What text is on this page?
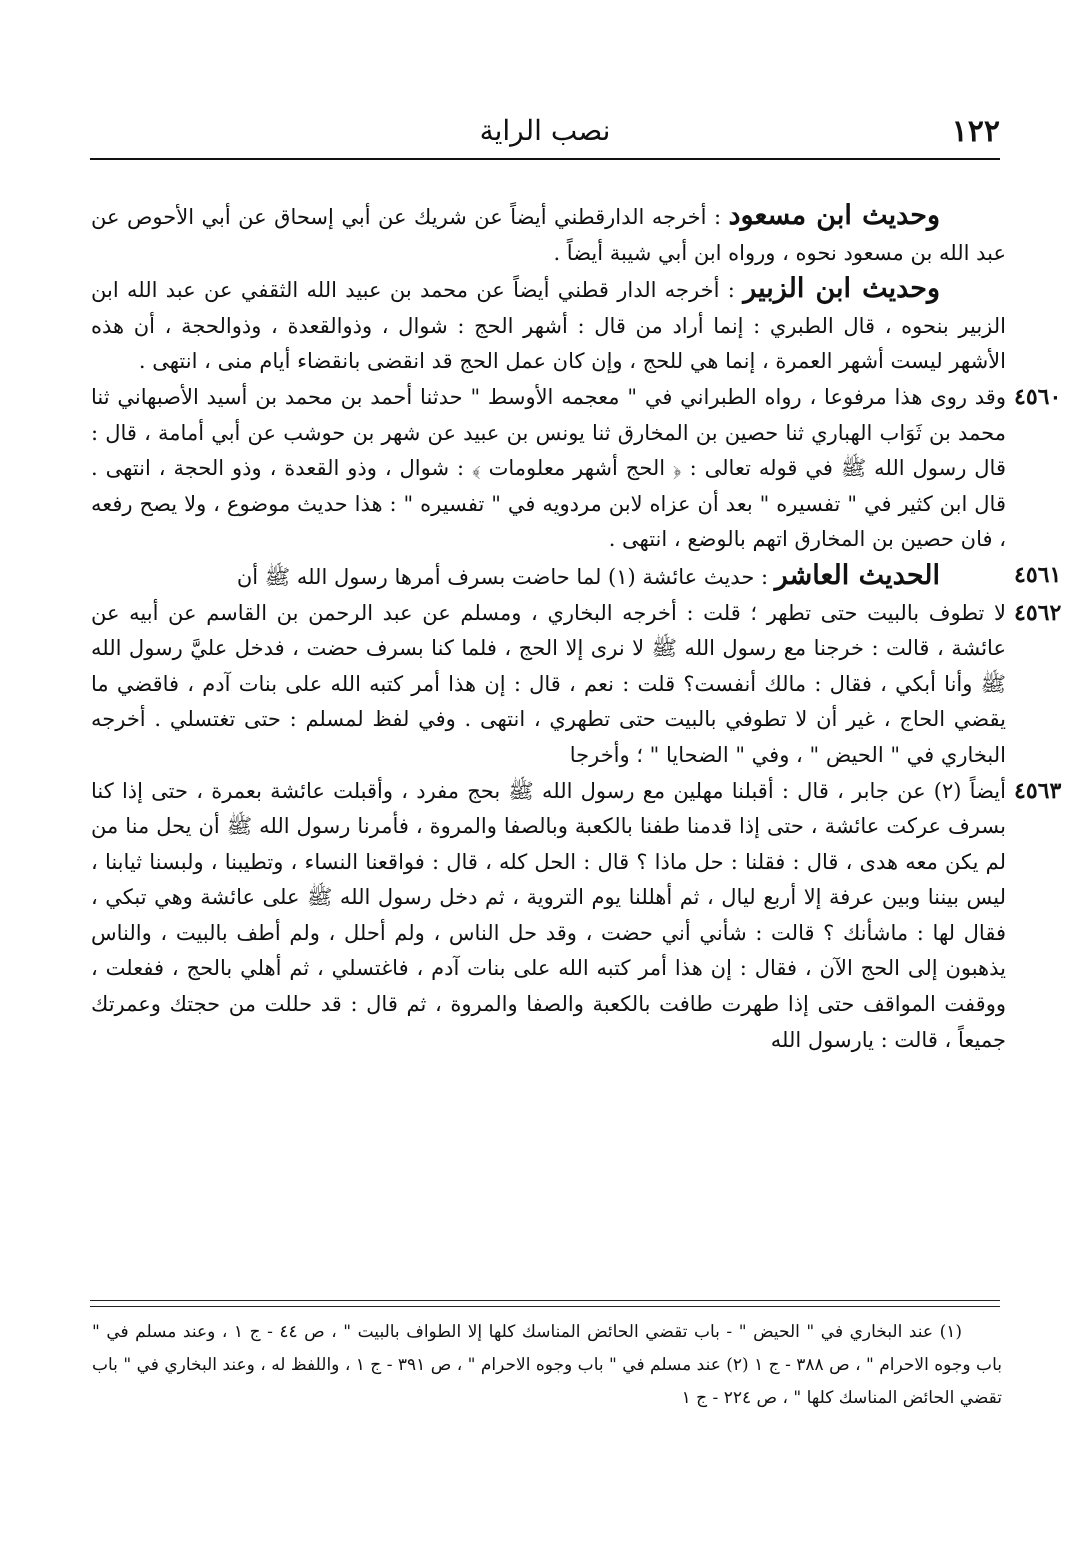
١٢٢
نصب الراية

وحديث ابن مسعود : أخرجه الدارقطني أيضاً عن شريك عن أبي إسحاق عن أبي الأحوص عن عبد الله بن مسعود نحوه ، ورواه ابن أبي شيبة أيضاً .

وحديث ابن الزبير : أخرجه الدار قطني أيضاً عن محمد بن عبيد الله الثقفي عن عبد الله ابن الزبير بنحوه ، قال الطبري : إنما أراد من قال : أشهر الحج : شوال ، وذوالقعدة ، وذوالحجة ، أن هذه الأشهر ليست أشهر العمرة ، إنما هي للحج ، وإن كان عمل الحج قد انقضى بانقضاء أيام منى ، انتهى .

٤٥٦٠
وقد روى هذا مرفوعا ، رواه الطبراني في " معجمه الأوسط " حدثنا أحمد بن محمد بن أسيد الأصبهاني ثنا محمد بن ثَوَاب الهباري ثنا حصين بن المخارق ثنا يونس بن عبيد عن شهر بن حوشب عن أبي أمامة ، قال : قال رسول الله ﷺ في قوله تعالى : ﴿ الحج أشهر معلومات ﴾ : شوال ، وذو القعدة ، وذو الحجة ، انتهى . قال ابن كثير في " تفسيره " بعد أن عزاه لابن مردويه في " تفسيره " : هذا حديث موضوع ، ولا يصح رفعه ، فان حصين بن المخارق اتهم بالوضع ، انتهى .

٤٥٦١
الحديث العاشر : حديث عائشة (١) لما حاضت بسرف أمرها رسول الله ﷺ أن

٤٥٦٢
لا تطوف بالبيت حتى تطهر ؛ قلت : أخرجه البخاري ، ومسلم عن عبد الرحمن بن القاسم عن أبيه عن عائشة ، قالت : خرجنا مع رسول الله ﷺ لا نرى إلا الحج ، فلما كنا بسرف حضت ، فدخل عليَّ رسول الله ﷺ وأنا أبكي ، فقال : مالك أنفست؟ قلت : نعم ، قال : إن هذا أمر كتبه الله على بنات آدم ، فاقضي ما يقضي الحاج ، غير أن لا تطوفي بالبيت حتى تطهري ، انتهى . وفي لفظ لمسلم : حتى تغتسلي . أخرجه البخاري في " الحيض " ، وفي " الضحايا " ؛ وأخرجا

٤٥٦٣
أيضاً (٢) عن جابر ، قال : أقبلنا مهلين مع رسول الله ﷺ بحج مفرد ، وأقبلت عائشة بعمرة ، حتى إذا كنا بسرف عركت عائشة ، حتى إذا قدمنا طفنا بالكعبة وبالصفا والمروة ، فأمرنا رسول الله ﷺ أن يحل منا من لم يكن معه هدى ، قال : فقلنا : حل ماذا ؟ قال : الحل كله ، قال : فواقعنا النساء ، وتطيبنا ، ولبسنا ثيابنا ، ليس بيننا وبين عرفة إلا أربع ليال ، ثم أهللنا يوم التروية ، ثم دخل رسول الله ﷺ على عائشة وهي تبكي ، فقال لها : ماشأنك ؟ قالت : شأني أني حضت ، وقد حل الناس ، ولم أحلل ، ولم أطف بالبيت ، والناس يذهبون إلى الحج الآن ، فقال : إن هذا أمر كتبه الله على بنات آدم ، فاغتسلي ، ثم أهلي بالحج ، ففعلت ، ووقفت المواقف حتى إذا طهرت طافت بالكعبة والصفا والمروة ، ثم قال : قد حللت من حجتك وعمرتك جميعاً ، قالت : يارسول الله

(١) عند البخاري في " الحيض " - باب تقضي الحائض المناسك كلها إلا الطواف بالبيت " ، ص ٤٤ - ج ١ ، وعند مسلم في " باب وجوه الاحرام " ، ص ٣٨٨ - ج ١ (٢) عند مسلم في " باب وجوه الاحرام " ، ص ٣٩١ - ج ١ ، واللفظ له ، وعند البخاري في " باب تقضي الحائض المناسك كلها " ، ص ٢٢٤ - ج ١
